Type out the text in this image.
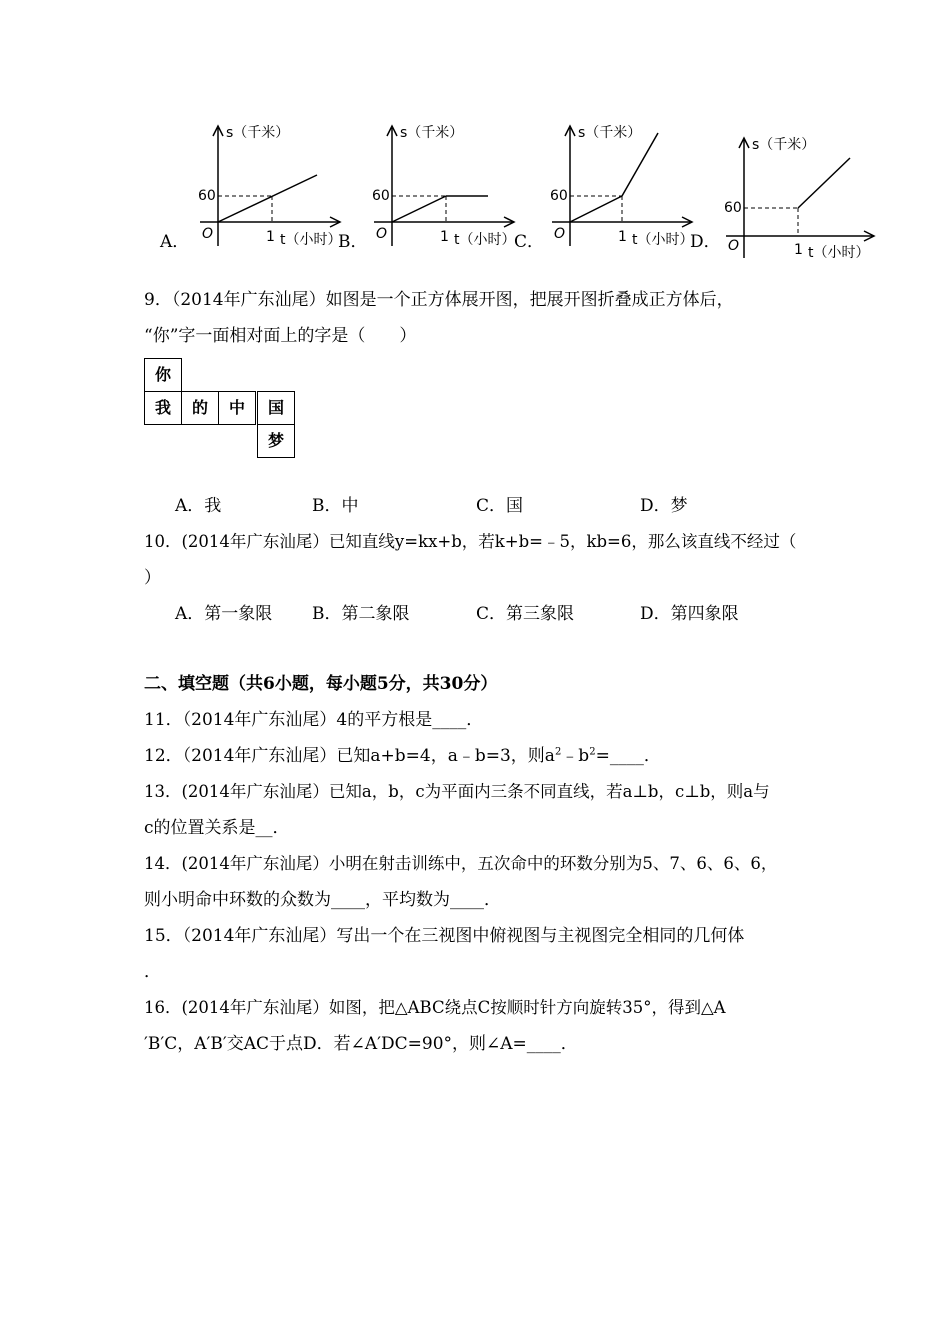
s（千米）
60
O	1 t（小时）
A．
s（千米）
60
O	1 t（小时）
B．
s（千米）
60
O	1 t（小时）
C．
s（千米）
60
O	1 t（小时）
D．
9．（2014年广东汕尾）如图是一个正方体展开图，把展开图折叠成正方体后，
“你”字一面相对面上的字是（　　）
你
我	的	中	国
梦
A．我	B．中	C．国	D．梦
10．(2014年广东汕尾）已知直线y=kx+b，若k+b=﹣5，kb=6，那么该直线不经过（
）
A．第一象限 B．第二象限	C．第三象限	D．第四象限
二、填空题（共6小题，每小题5分，共30分）
11．（2014年广东汕尾）4的平方根是____．
12．（2014年广东汕尾）已知a+b=4，a﹣b=3，则$a^2﹣b^2=\_\_\_\_$．
13．(2014年广东汕尾）已知a，b，c为平面内三条不同直线，若a⊥b，c⊥b，则a与
c的位置关系是__．
14．(2014年广东汕尾）小明在射击训练中，五次命中的环数分别为5、7、6、6、6，
则小明命中环数的众数为____，平均数为____．
15．（2014年广东汕尾）写出一个在三视图中俯视图与主视图完全相同的几何体
．
16．(2014年广东汕尾）如图，把△ABC绕点C按顺时针方向旋转35°，得到△A
′B′C，A′B′交AC于点D．若∠A′DC=90°，则∠A=____．
